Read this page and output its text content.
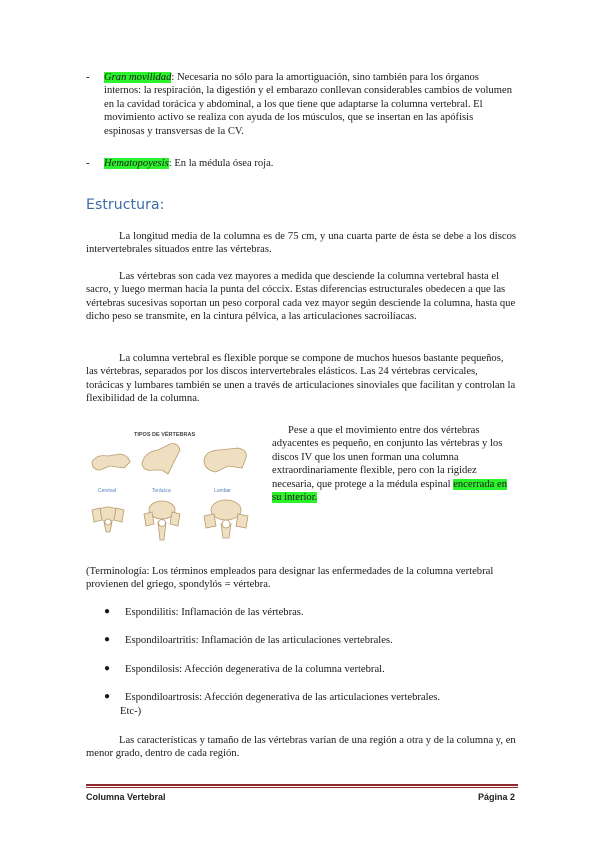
- Gran movilidad: Necesaria no sólo para la amortiguación, sino también para los órganos internos: la respiración, la digestión y el embarazo conllevan considerables cambios de volumen en la cavidad torácica y abdominal, a los que tiene que adaptarse la columna vertebral. El movimiento activo se realiza con ayuda de los músculos, que se insertan en las apófisis espinosas y transversas de la CV.

- Hematopoyesis: En la médula ósea roja.

Estructura:

La longitud media de la columna es de 75 cm, y una cuarta parte de ésta se debe a los discos intervertebrales situados entre las vértebras.

Las vértebras son cada vez mayores a medida que desciende la columna vertebral hasta el sacro, y luego merman hacia la punta del cóccix. Estas diferencias estructurales obedecen a que las vértebras sucesivas soportan un peso corporal cada vez mayor según desciende la columna, hasta que dicho peso se transmite, en la cintura pélvica, a las articulaciones sacroilíacas.

La columna vertebral es flexible porque se compone de muchos huesos bastante pequeños, las vértebras, separados por los discos intervertebrales elásticos. Las 24 vértebras cervicales, torácicas y lumbares también se unen a través de articulaciones sinoviales que facilitan y controlan la flexibilidad de la columna.

TIPOS DE VÉRTEBRAS
Cervival	Torácica	Lumbar

Pese a que el movimiento entre dos vértebras adyacentes es pequeño, en conjunto las vértebras y los discos IV que los unen forman una columna extraordinariamente flexible, pero con la rigidez necesaria, que protege a la médula espinal encerrada en su interior.

(Terminología: Los términos empleados para designar las enfermedades de la columna vertebral provienen del griego, spondylós = vértebra.

● Espondilitis: Inflamación de las vértebras.

● Espondiloartritis: Inflamación de las articulaciones vertebrales.

● Espondilosis: Afección degenerativa de la columna vertebral.

● Espondiloartrosis: Afección degenerativa de las articulaciones vertebrales.

Etc-)

Las características y tamaño de las vértebras varían de una región a otra y de la columna y, en menor grado, dentro de cada región.

Columna Vertebral	Página 2
